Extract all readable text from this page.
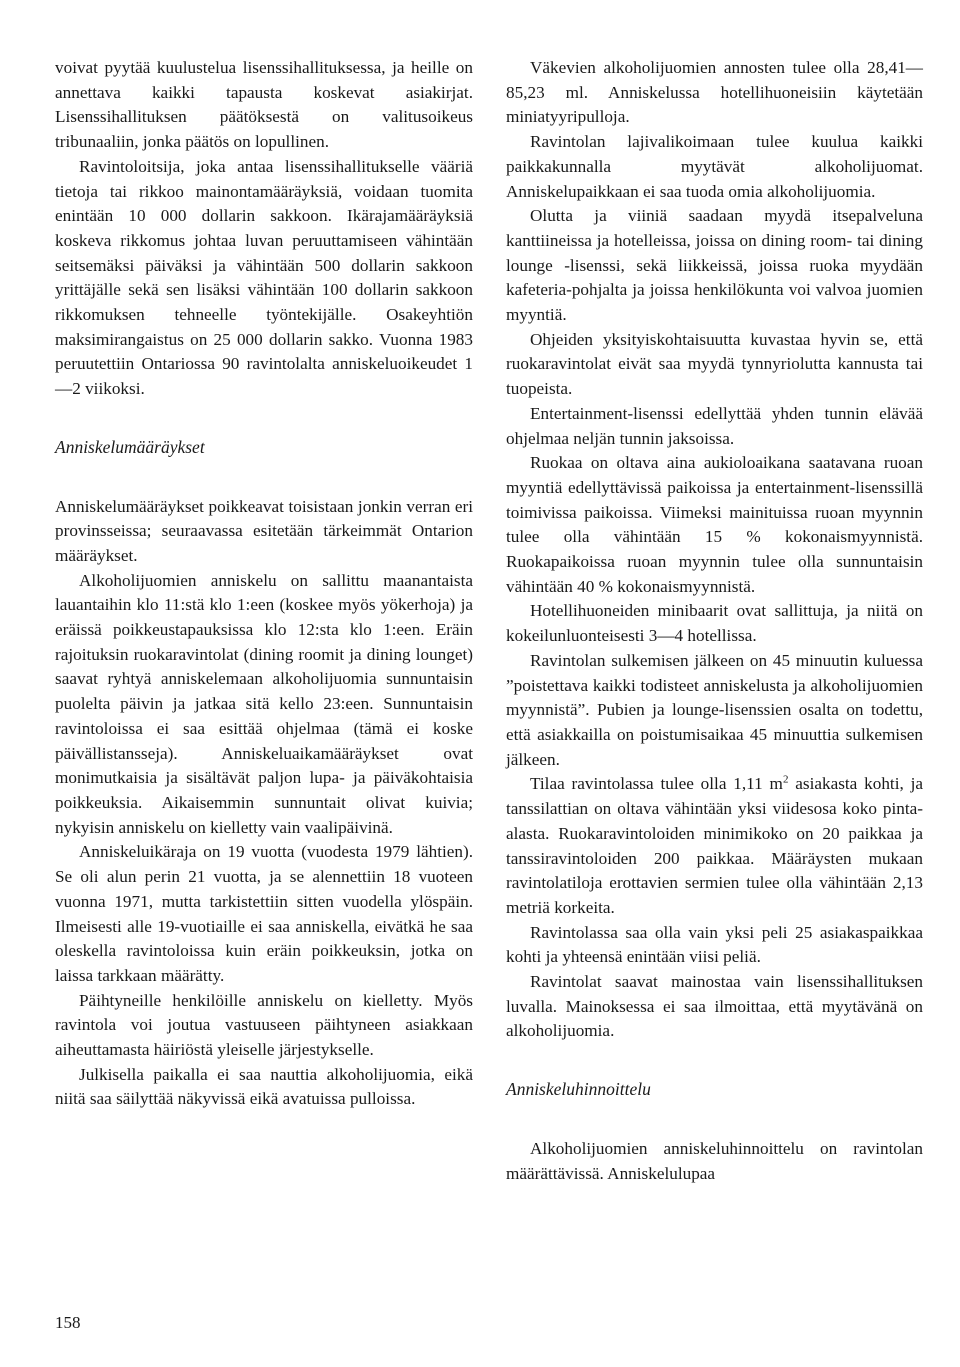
voivat pyytää kuulustelua lisenssihallituksessa, ja heille on annettava kaikki tapausta koskevat asiakirjat. Lisenssihallituksen päätöksestä on valitusoikeus tribunaaliin, jonka päätös on lopullinen.

Ravintoloitsija, joka antaa lisenssihallitukselle vääriä tietoja tai rikkoo mainontamääräyksiä, voidaan tuomita enintään 10 000 dollarin sakkoon. Ikärajamääräyksiä koskeva rikkomus johtaa luvan peruuttamiseen vähintään seitsemäksi päiväksi ja vähintään 500 dollarin sakkoon yrittäjälle sekä sen lisäksi vähintään 100 dollarin sakkoon rikkomuksen tehneelle työntekijälle. Osakeyhtiön maksimirangaistus on 25 000 dollarin sakko. Vuonna 1983 peruutettiin Ontariossa 90 ravintolalta anniskeluoikeudet 1—2 viikoksi.

Anniskelumääräykset

Anniskelumääräykset poikkeavat toisistaan jonkin verran eri provinsseissa; seuraavassa esitetään tärkeimmät Ontarion määräykset.

Alkoholijuomien anniskelu on sallittu maanantaista lauantaihin klo 11:stä klo 1:een (koskee myös yökerhoja) ja eräissä poikkeustapauksissa klo 12:sta klo 1:een. Eräin rajoituksin ruokaravintolat (dining roomit ja dining lounget) saavat ryhtyä anniskelemaan alkoholijuomia sunnuntaisin puolelta päivin ja jatkaa sitä kello 23:een. Sunnuntaisin ravintoloissa ei saa esittää ohjelmaa (tämä ei koske päivällistansseja). Anniskeluaikamääräykset ovat monimutkaisia ja sisältävät paljon lupa- ja päiväkohtaisia poikkeuksia. Aikaisemmin sunnuntait olivat kuivia; nykyisin anniskelu on kielletty vain vaalipäivinä.

Anniskeluikäraja on 19 vuotta (vuodesta 1979 lähtien). Se oli alun perin 21 vuotta, ja se alennettiin 18 vuoteen vuonna 1971, mutta tarkistettiin sitten vuodella ylöspäin. Ilmeisesti alle 19-vuotiaille ei saa anniskella, eivätkä he saa oleskella ravintoloissa kuin eräin poikkeuksin, jotka on laissa tarkkaan määrätty.

Päihtyneille henkilöille anniskelu on kielletty. Myös ravintola voi joutua vastuuseen päihtyneen asiakkaan aiheuttamasta häiriöstä yleiselle järjestykselle.

Julkisella paikalla ei saa nauttia alkoholijuomia, eikä niitä saa säilyttää näkyvissä eikä avatuissa pulloissa.

Väkevien alkoholijuomien annosten tulee olla 28,41—85,23 ml. Anniskelussa hotellihuoneisiin käytetään miniatyyripulloja.

Ravintolan lajivalikoimaan tulee kuulua kaikki paikkakunnalla myytävät alkoholijuomat. Anniskelupaikkaan ei saa tuoda omia alkoholijuomia.

Olutta ja viiniä saadaan myydä itsepalveluna kanttiineissa ja hotelleissa, joissa on dining room- tai dining lounge -lisenssi, sekä liikkeissä, joissa ruoka myydään kafeteria-pohjalta ja joissa henkilökunta voi valvoa juomien myyntiä.

Ohjeiden yksityiskohtaisuutta kuvastaa hyvin se, että ruokaravintolat eivät saa myydä tynnyriolutta kannusta tai tuopeista.

Entertainment-lisenssi edellyttää yhden tunnin elävää ohjelmaa neljän tunnin jaksoissa.

Ruokaa on oltava aina aukioloaikana saatavana ruoan myyntiä edellyttävissä paikoissa ja entertainment-lisenssillä toimivissa paikoissa. Viimeksi mainituissa ruoan myynnin tulee olla vähintään 15 % kokonaismyynnistä. Ruokapaikoissa ruoan myynnin tulee olla sunnuntaisin vähintään 40 % kokonaismyynnistä.

Hotellihuoneiden minibaarit ovat sallittuja, ja niitä on kokeilunluonteisesti 3—4 hotellissa.

Ravintolan sulkemisen jälkeen on 45 minuutin kuluessa ”poistettava kaikki todisteet anniskelusta ja alkoholijuomien myynnistä”. Pubien ja lounge-lisenssien osalta on todettu, että asiakkailla on poistumisaikaa 45 minuuttia sulkemisen jälkeen.

Tilaa ravintolassa tulee olla 1,11 $m^2$ asiakasta kohti, ja tanssilattian on oltava vähintään yksi viidesosa koko pinta-alasta. Ruokaravintoloiden minimikoko on 20 paikkaa ja tanssiravintoloiden 200 paikkaa. Määräysten mukaan ravintolatiloja erottavien sermien tulee olla vähintään 2,13 metriä korkeita.

Ravintolassa saa olla vain yksi peli 25 asiakaspaikkaa kohti ja yhteensä enintään viisi peliä.

Ravintolat saavat mainostaa vain lisenssihallituksen luvalla. Mainoksessa ei saa ilmoittaa, että myytävänä on alkoholijuomia.

Anniskeluhinnoittelu

Alkoholijuomien anniskeluhinnoittelu on ravintolan määrättävissä. Anniskelulupaa

158
